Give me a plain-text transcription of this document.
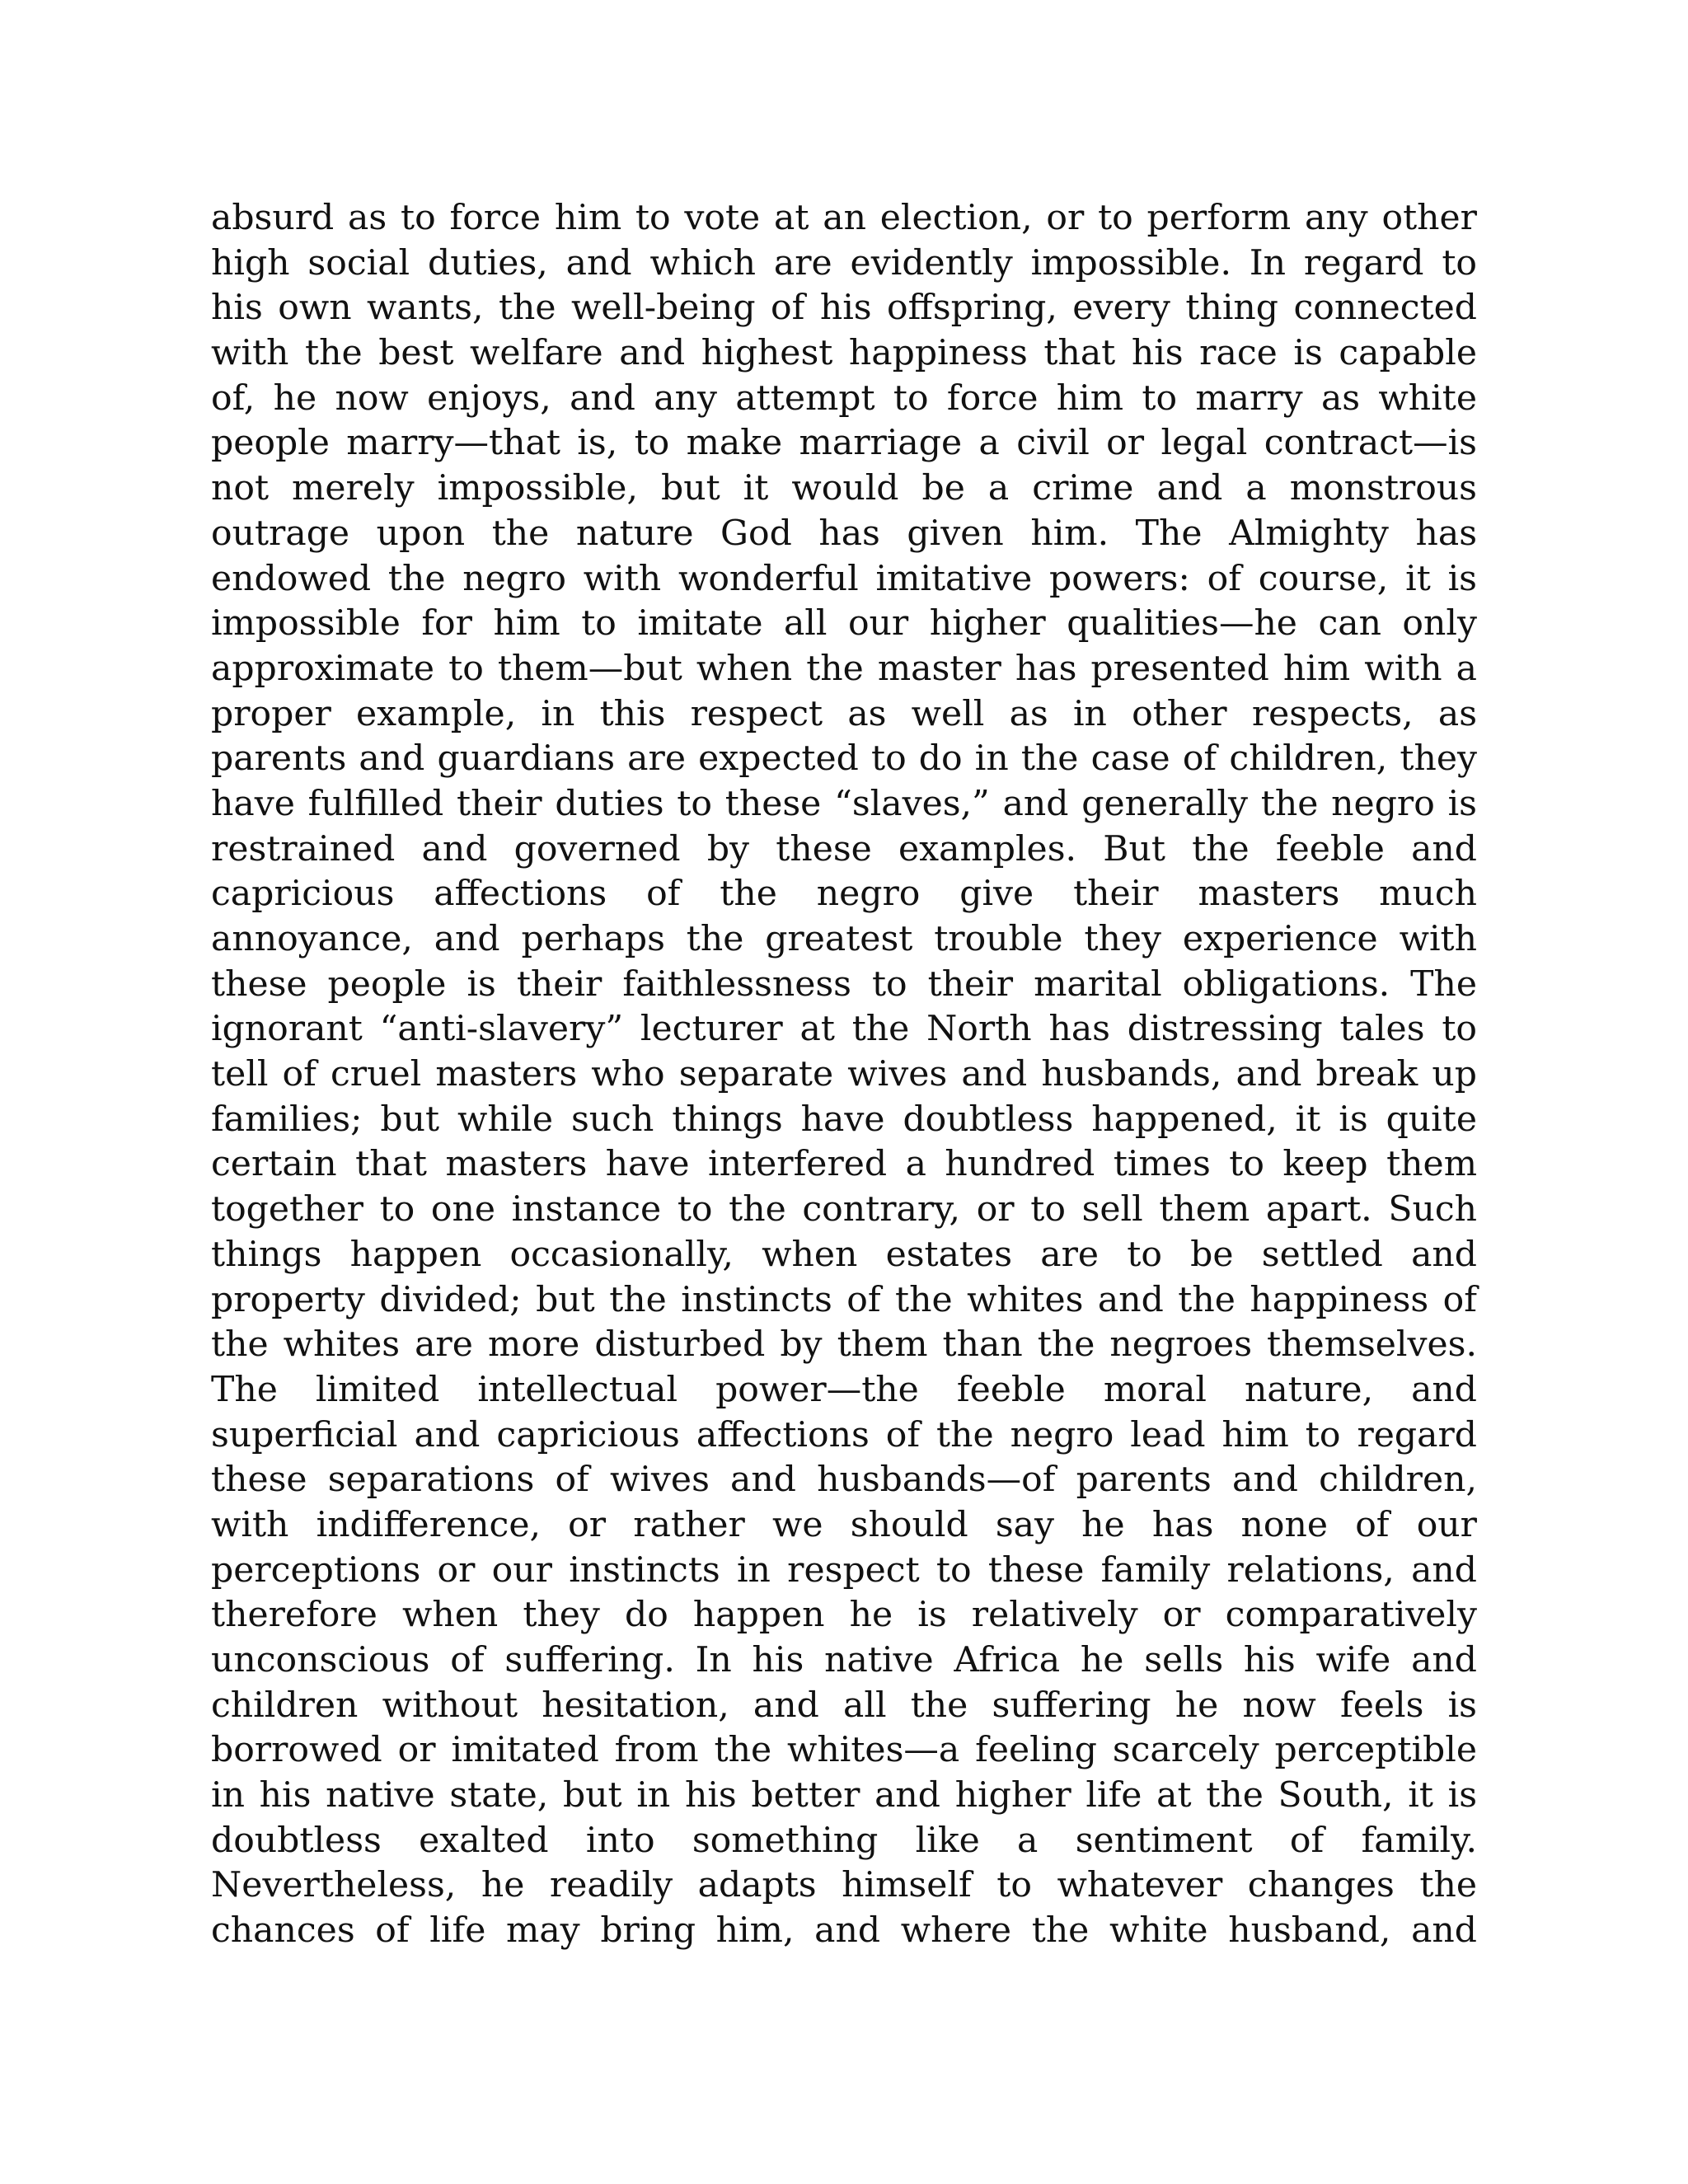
absurd as to force him to vote at an election, or to perform any other
high social duties, and which are evidently impossible. In regard to
his own wants, the well-being of his offspring, every thing connected
with the best welfare and highest happiness that his race is capable
of, he now enjoys, and any attempt to force him to marry as white
people marry—that is, to make marriage a civil or legal contract—is
not merely impossible, but it would be a crime and a monstrous
outrage upon the nature God has given him. The Almighty has
endowed the negro with wonderful imitative powers: of course, it is
impossible for him to imitate all our higher qualities—he can only
approximate to them—but when the master has presented him with a
proper example, in this respect as well as in other respects, as
parents and guardians are expected to do in the case of children, they
have fulfilled their duties to these “slaves,” and generally the negro is
restrained and governed by these examples. But the feeble and
capricious affections of the negro give their masters much
annoyance, and perhaps the greatest trouble they experience with
these people is their faithlessness to their marital obligations. The
ignorant “anti-slavery” lecturer at the North has distressing tales to
tell of cruel masters who separate wives and husbands, and break up
families; but while such things have doubtless happened, it is quite
certain that masters have interfered a hundred times to keep them
together to one instance to the contrary, or to sell them apart. Such
things happen occasionally, when estates are to be settled and
property divided; but the instincts of the whites and the happiness of
the whites are more disturbed by them than the negroes themselves.
The limited intellectual power—the feeble moral nature, and
superficial and capricious affections of the negro lead him to regard
these separations of wives and husbands—of parents and children,
with indifference, or rather we should say he has none of our
perceptions or our instincts in respect to these family relations, and
therefore when they do happen he is relatively or comparatively
unconscious of suffering. In his native Africa he sells his wife and
children without hesitation, and all the suffering he now feels is
borrowed or imitated from the whites—a feeling scarcely perceptible
in his native state, but in his better and higher life at the South, it is
doubtless exalted into something like a sentiment of family.
Nevertheless, he readily adapts himself to whatever changes the
chances of life may bring him, and where the white husband, and
